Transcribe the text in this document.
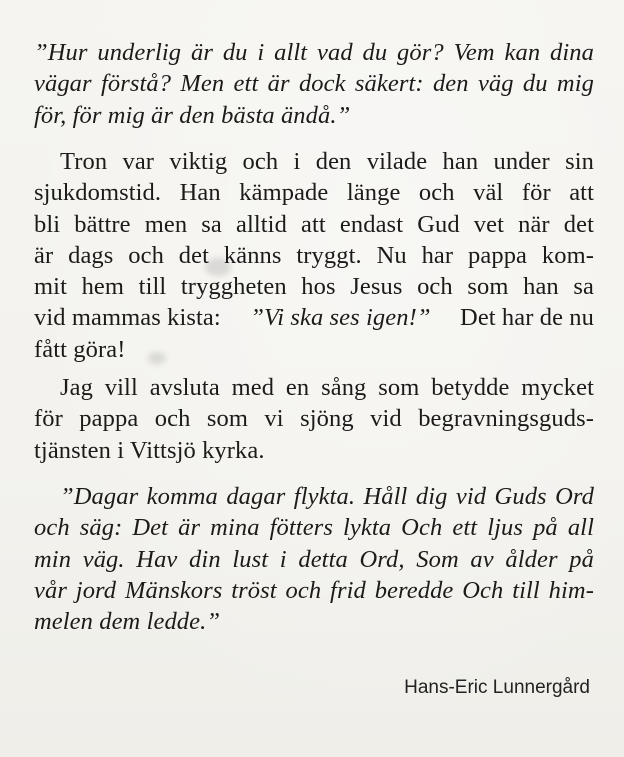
”Hur underlig är du i allt vad du gör? Vem kan dina
vägar förstå? Men ett är dock säkert: den väg du mig
för, för mig är den bästa ändå.”
Tron var viktig och i den vilade han under sin
sjukdomstid. Han kämpade länge och väl för att
bli bättre men sa alltid att endast Gud vet när det
är dags och det känns tryggt. Nu har pappa kom-
mit hem till tryggheten hos Jesus och som han sa
vid mammas kista: ”Vi ska ses igen!” Det har de nu
fått göra!
Jag vill avsluta med en sång som betydde mycket
för pappa och som vi sjöng vid begravningsguds-
tjänsten i Vittsjö kyrka.
”Dagar komma dagar flykta. Håll dig vid Guds Ord
och säg: Det är mina fötters lykta Och ett ljus på all
min väg. Hav din lust i detta Ord, Som av ålder på
vår jord Mänskors tröst och frid beredde Och till him-
melen dem ledde.”
Hans-Eric Lunnergård
